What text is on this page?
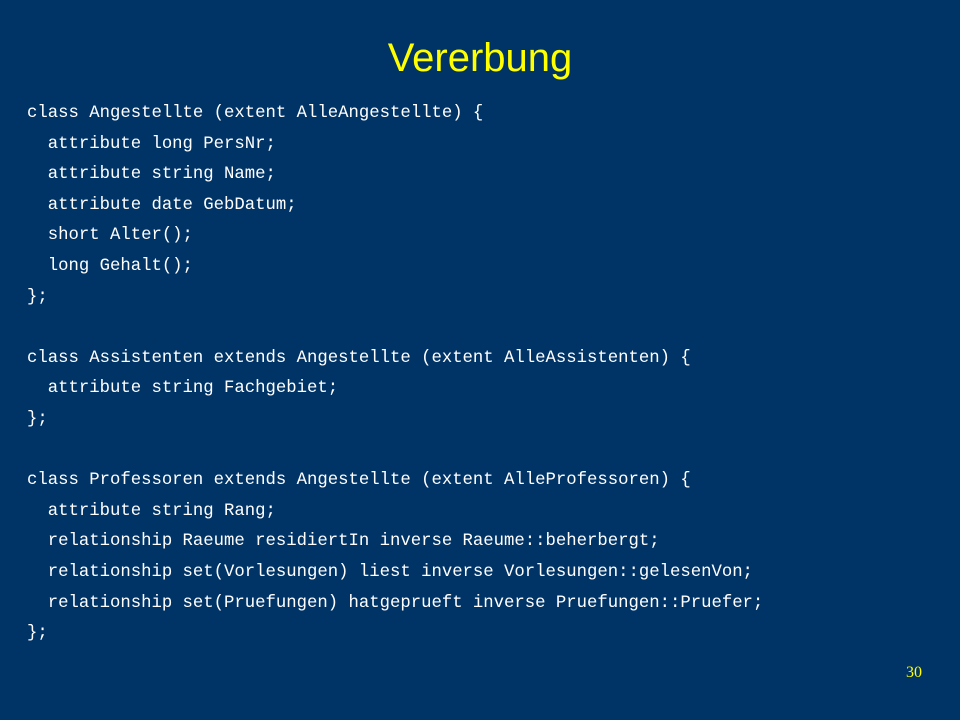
Vererbung
class Angestellte (extent AlleAngestellte) {
attribute long PersNr;
attribute string Name;
attribute date GebDatum;
short Alter();
long Gehalt();
};
class Assistenten extends Angestellte (extent AlleAssistenten) {
attribute string Fachgebiet;
};
class Professoren extends Angestellte (extent AlleProfessoren) {
attribute string Rang;
relationship Raeume residiertIn inverse Raeume::beherbergt;
relationship set(Vorlesungen) liest inverse Vorlesungen::gelesenVon;
relationship set(Pruefungen) hatgeprueft inverse Pruefungen::Pruefer;
};
30
